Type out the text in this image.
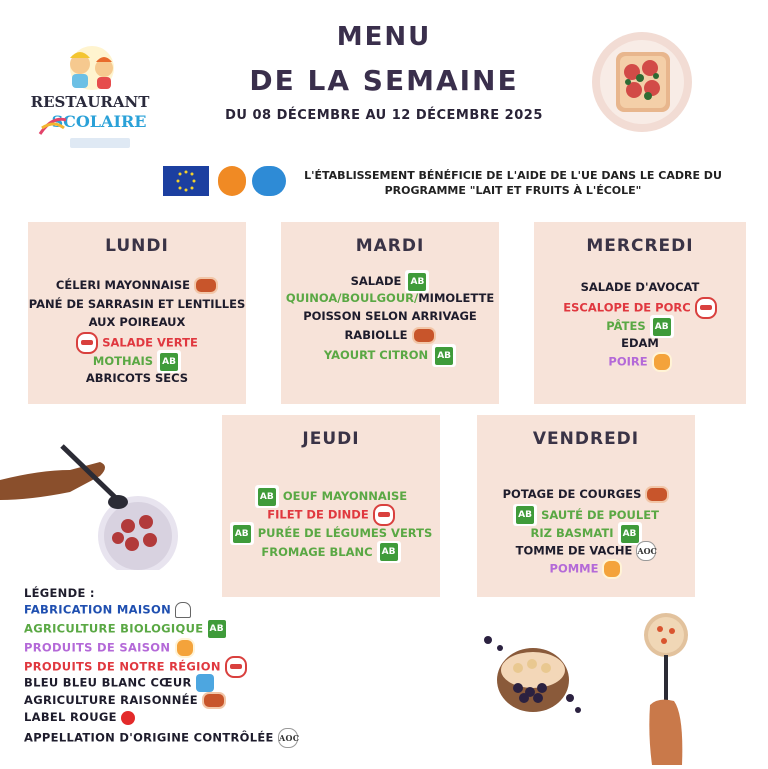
MENU
DE LA SEMAINE
DU 08 DÉCEMBRE AU 12 DÉCEMBRE 2025
RESTAURANT
SCOLAIRE
L'ÉTABLISSEMENT BÉNÉFICIE DE L'AIDE DE L'UE DANS LE CADRE DU
PROGRAMME "LAIT ET FRUITS À L'ÉCOLE"
LUNDI
CÉLERI MAYONNAISE
PANÉ DE SARRASIN ET LENTILLES
AUX POIREAUX
SALADE VERTE
MOTHAIS AB
ABRICOTS SECS
MARDI
SALADE AB
QUINOA/BOULGOUR/MIMOLETTE
POISSON SELON ARRIVAGE
RABIOLLE
YAOURT CITRON AB
MERCREDI
SALADE D'AVOCAT
ESCALOPE DE PORC
PÂTES AB
EDAM
POIRE
JEUDI
AB OEUF MAYONNAISE
FILET DE DINDE
AB PURÉE DE LÉGUMES VERTS
FROMAGE BLANC AB
VENDREDI
POTAGE DE COURGES
AB SAUTÉ DE POULET
RIZ BASMATI AB
TOMME DE VACHE AOC
POMME
LÉGENDE :
FABRICATION MAISON
AGRICULTURE BIOLOGIQUE AB
PRODUITS DE SAISON
PRODUITS DE NOTRE RÉGION
BLEU BLEU BLANC CŒUR
AGRICULTURE RAISONNÉE
LABEL ROUGE
APPELLATION D'ORIGINE CONTRÔLÉE AOC
